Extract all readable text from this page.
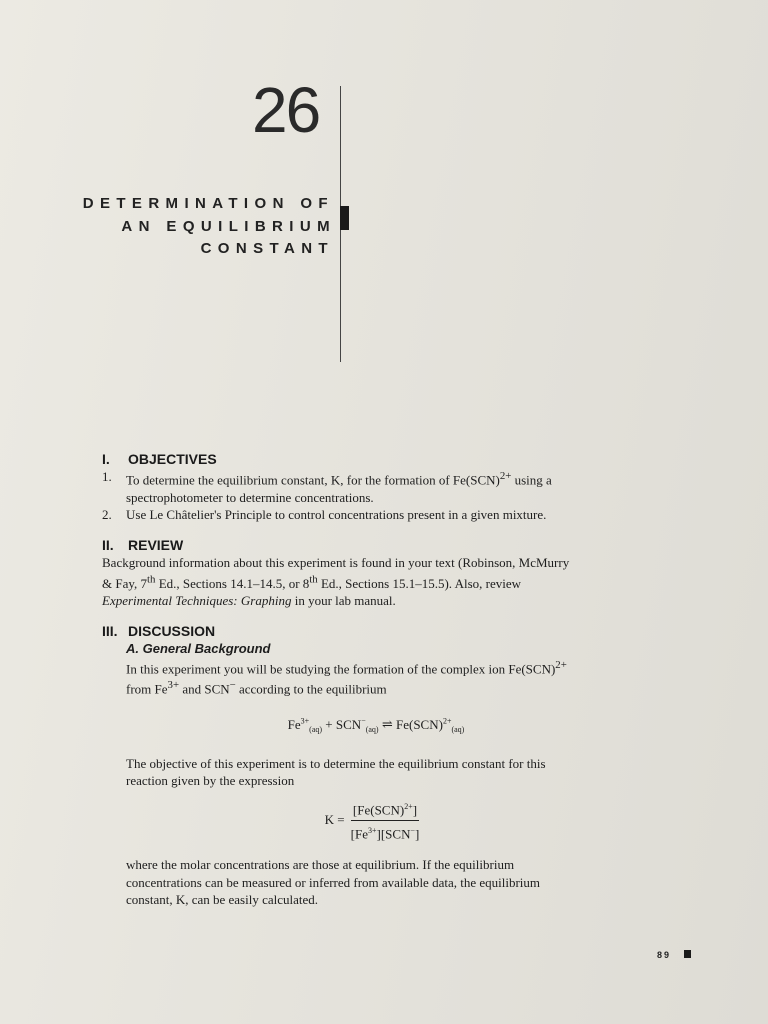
26
DETERMINATION OF
AN EQUILIBRIUM
CONSTANT
I. OBJECTIVES
1.	To determine the equilibrium constant, K, for the formation of Fe(SCN)$^{2+}$ using a spectrophotometer to determine concentrations.
2.	Use Le Châtelier's Principle to control concentrations present in a given mixture.
II. REVIEW

Background information about this experiment is found in your text (Robinson, McMurry & Fay, 7th Ed., Sections 14.1–14.5, or 8th Ed., Sections 15.1–15.5). Also, review Experimental Techniques: Graphing in your lab manual.

III. DISCUSSION
A. General Background

In this experiment you will be studying the formation of the complex ion Fe(SCN)$^{2+}$ from $Fe^{3+}$ and SCN− according to the equilibrium

$Fe^{3+}_{(aq)} + SCN^-_{(aq)}$ ⇌ Fe(SCN)$^{2+}_{(aq)}$

The objective of this experiment is to determine the equilibrium constant for this reaction given by the expression

$K = \frac{[Fe(SCN)^{2+}]}{[Fe^{3+}][SCN^-]}$

where the molar concentrations are those at equilibrium. If the equilibrium concentrations can be measured or inferred from available data, the equilibrium constant, K, can be easily calculated.

89
